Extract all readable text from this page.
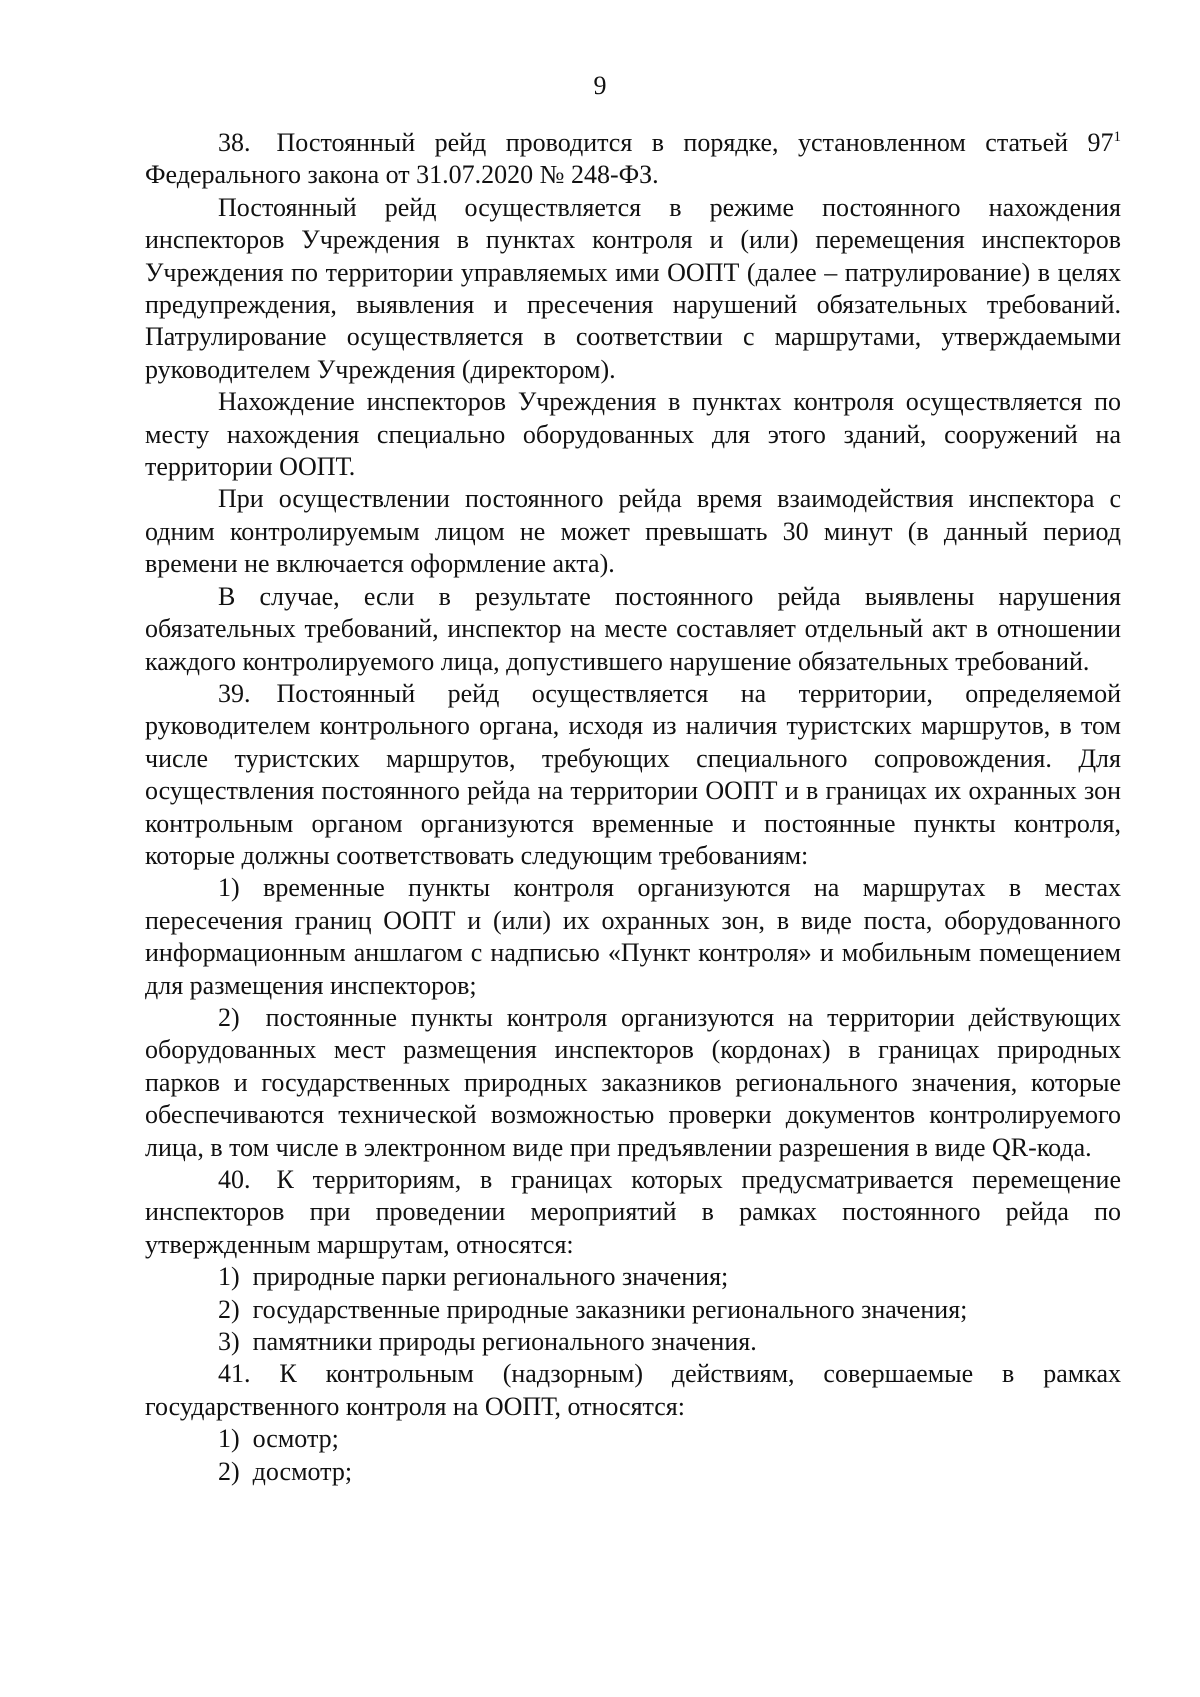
9

38. Постоянный рейд проводится в порядке, установленном статьей $97^1$ Федерального закона от 31.07.2020 № 248-ФЗ.

Постоянный рейд осуществляется в режиме постоянного нахождения инспекторов Учреждения в пунктах контроля и (или) перемещения инспекторов Учреждения по территории управляемых ими ООПТ (далее – патрулирование) в целях предупреждения, выявления и пресечения нарушений обязательных требований. Патрулирование осуществляется в соответствии с маршрутами, утверждаемыми руководителем Учреждения (директором).

Нахождение инспекторов Учреждения в пунктах контроля осуществляется по месту нахождения специально оборудованных для этого зданий, сооружений на территории ООПТ.

При осуществлении постоянного рейда время взаимодействия инспектора с одним контролируемым лицом не может превышать 30 минут (в данный период времени не включается оформление акта).

В случае, если в результате постоянного рейда выявлены нарушения обязательных требований, инспектор на месте составляет отдельный акт в отношении каждого контролируемого лица, допустившего нарушение обязательных требований.

39. Постоянный рейд осуществляется на территории, определяемой руководителем контрольного органа, исходя из наличия туристских маршрутов, в том числе туристских маршрутов, требующих специального сопровождения. Для осуществления постоянного рейда на территории ООПТ и в границах их охранных зон контрольным органом организуются временные и постоянные пункты контроля, которые должны соответствовать следующим требованиям:

1) временные пункты контроля организуются на маршрутах в местах пересечения границ ООПТ и (или) их охранных зон, в виде поста, оборудованного информационным аншлагом с надписью «Пункт контроля» и мобильным помещением для размещения инспекторов;

2) постоянные пункты контроля организуются на территории действующих оборудованных мест размещения инспекторов (кордонах) в границах природных парков и государственных природных заказников регионального значения, которые обеспечиваются технической возможностью проверки документов контролируемого лица, в том числе в электронном виде при предъявлении разрешения в виде QR-кода.

40. К территориям, в границах которых предусматривается перемещение инспекторов при проведении мероприятий в рамках постоянного рейда по утвержденным маршрутам, относятся:

1) природные парки регионального значения;

2) государственные природные заказники регионального значения;

3) памятники природы регионального значения.

41. К контрольным (надзорным) действиям, совершаемые в рамках государственного контроля на ООПТ, относятся:

1) осмотр;

2) досмотр;
